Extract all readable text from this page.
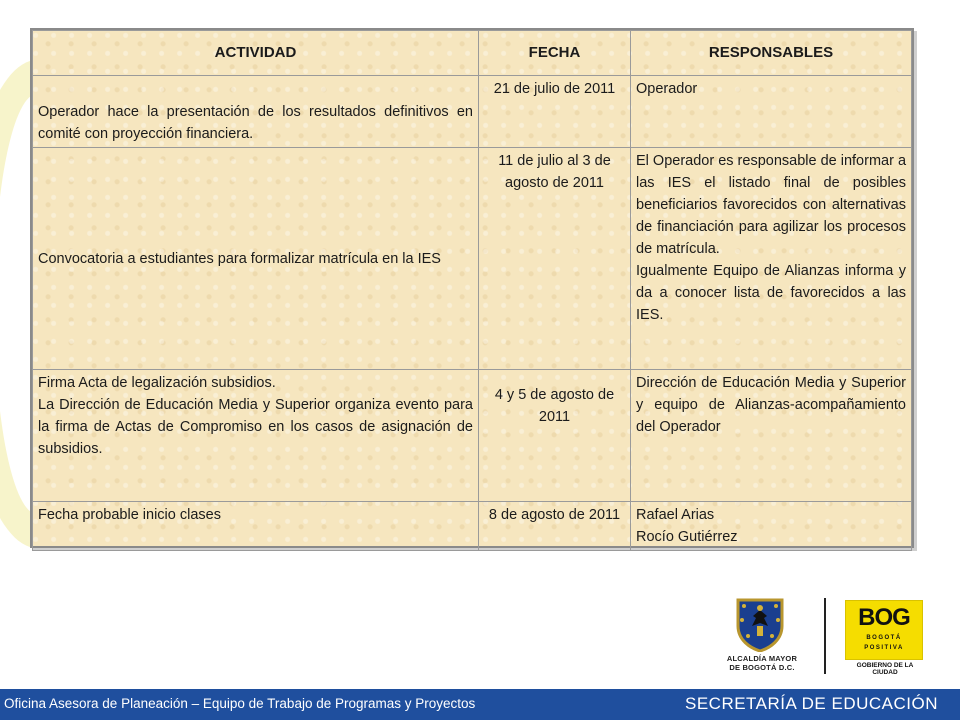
ACTIVIDAD	FECHA	RESPONSABLES
Operador hace la presentación de los resultados definitivos en comité con proyección financiera.	21 de julio de 2011	Operador
Convocatoria a estudiantes para formalizar matrícula en la IES	11 de julio al 3 de agosto de 2011	El Operador es responsable de informar a las IES el listado final de posibles beneficiarios favorecidos con alternativas de financiación para agilizar los procesos de matrícula.
Igualmente Equipo de Alianzas informa y da a conocer lista de favorecidos a las IES.

Firma Acta de legalización subsidios.
La Dirección de Educación Media y Superior organiza evento para la firma de Actas de Compromiso en los casos de asignación de subsidios.	4 y 5 de agosto de 2011	Dirección de Educación Media y Superior y equipo de Alianzas-acompañamiento del Operador
Fecha probable inicio clases	8 de agosto de 2011	Rafael Arias
Rocío Gutiérrez
ALCALDÍA MAYOR
DE BOGOTÁ D.C.
BOG
BOGOTÁ
POSITIVA
GOBIERNO DE LA CIUDAD
Oficina Asesora de Planeación – Equipo de Trabajo de Programas y Proyectos	SECRETARÍA DE EDUCACIÓN
